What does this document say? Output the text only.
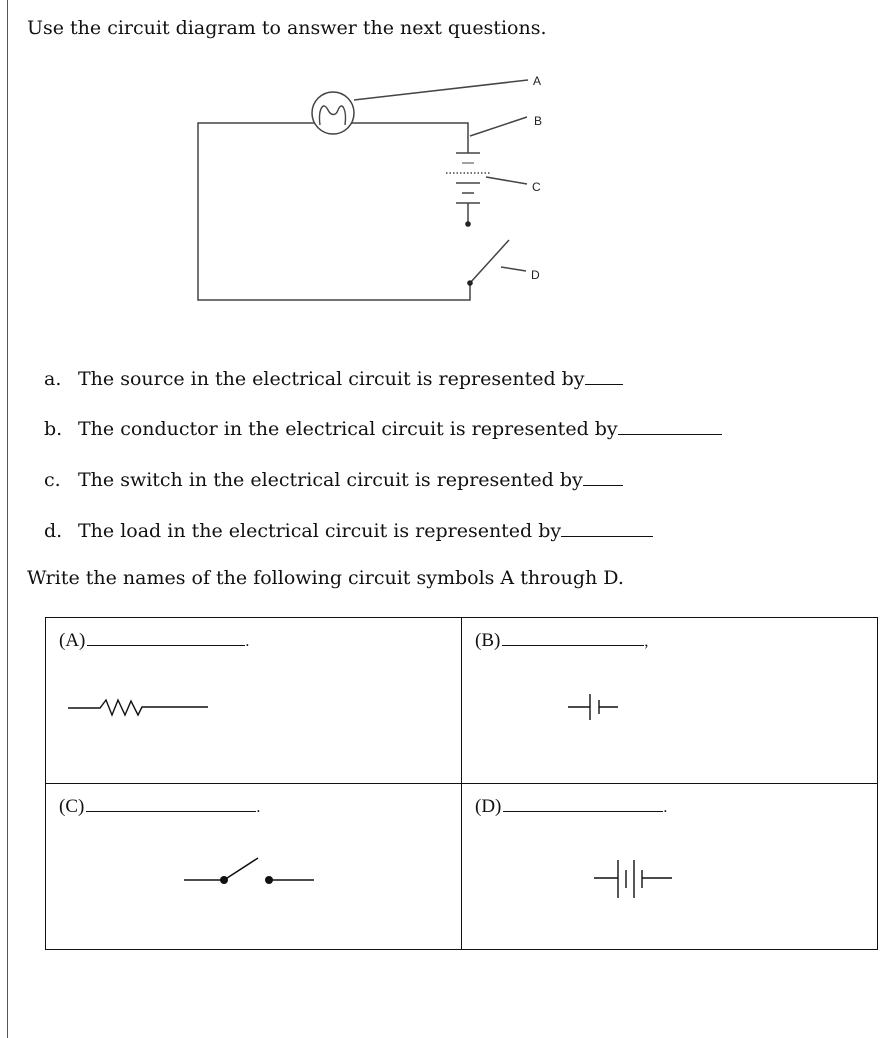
Use the circuit diagram to answer the next questions.
A
B
C
D
a. The source in the electrical circuit is represented by
b. The conductor in the electrical circuit is represented by
c. The switch in the electrical circuit is represented by
d. The load in the electrical circuit is represented by
Write the names of the following circuit symbols A through D.
(A) .	(B) ,

(C) .	(D) .
